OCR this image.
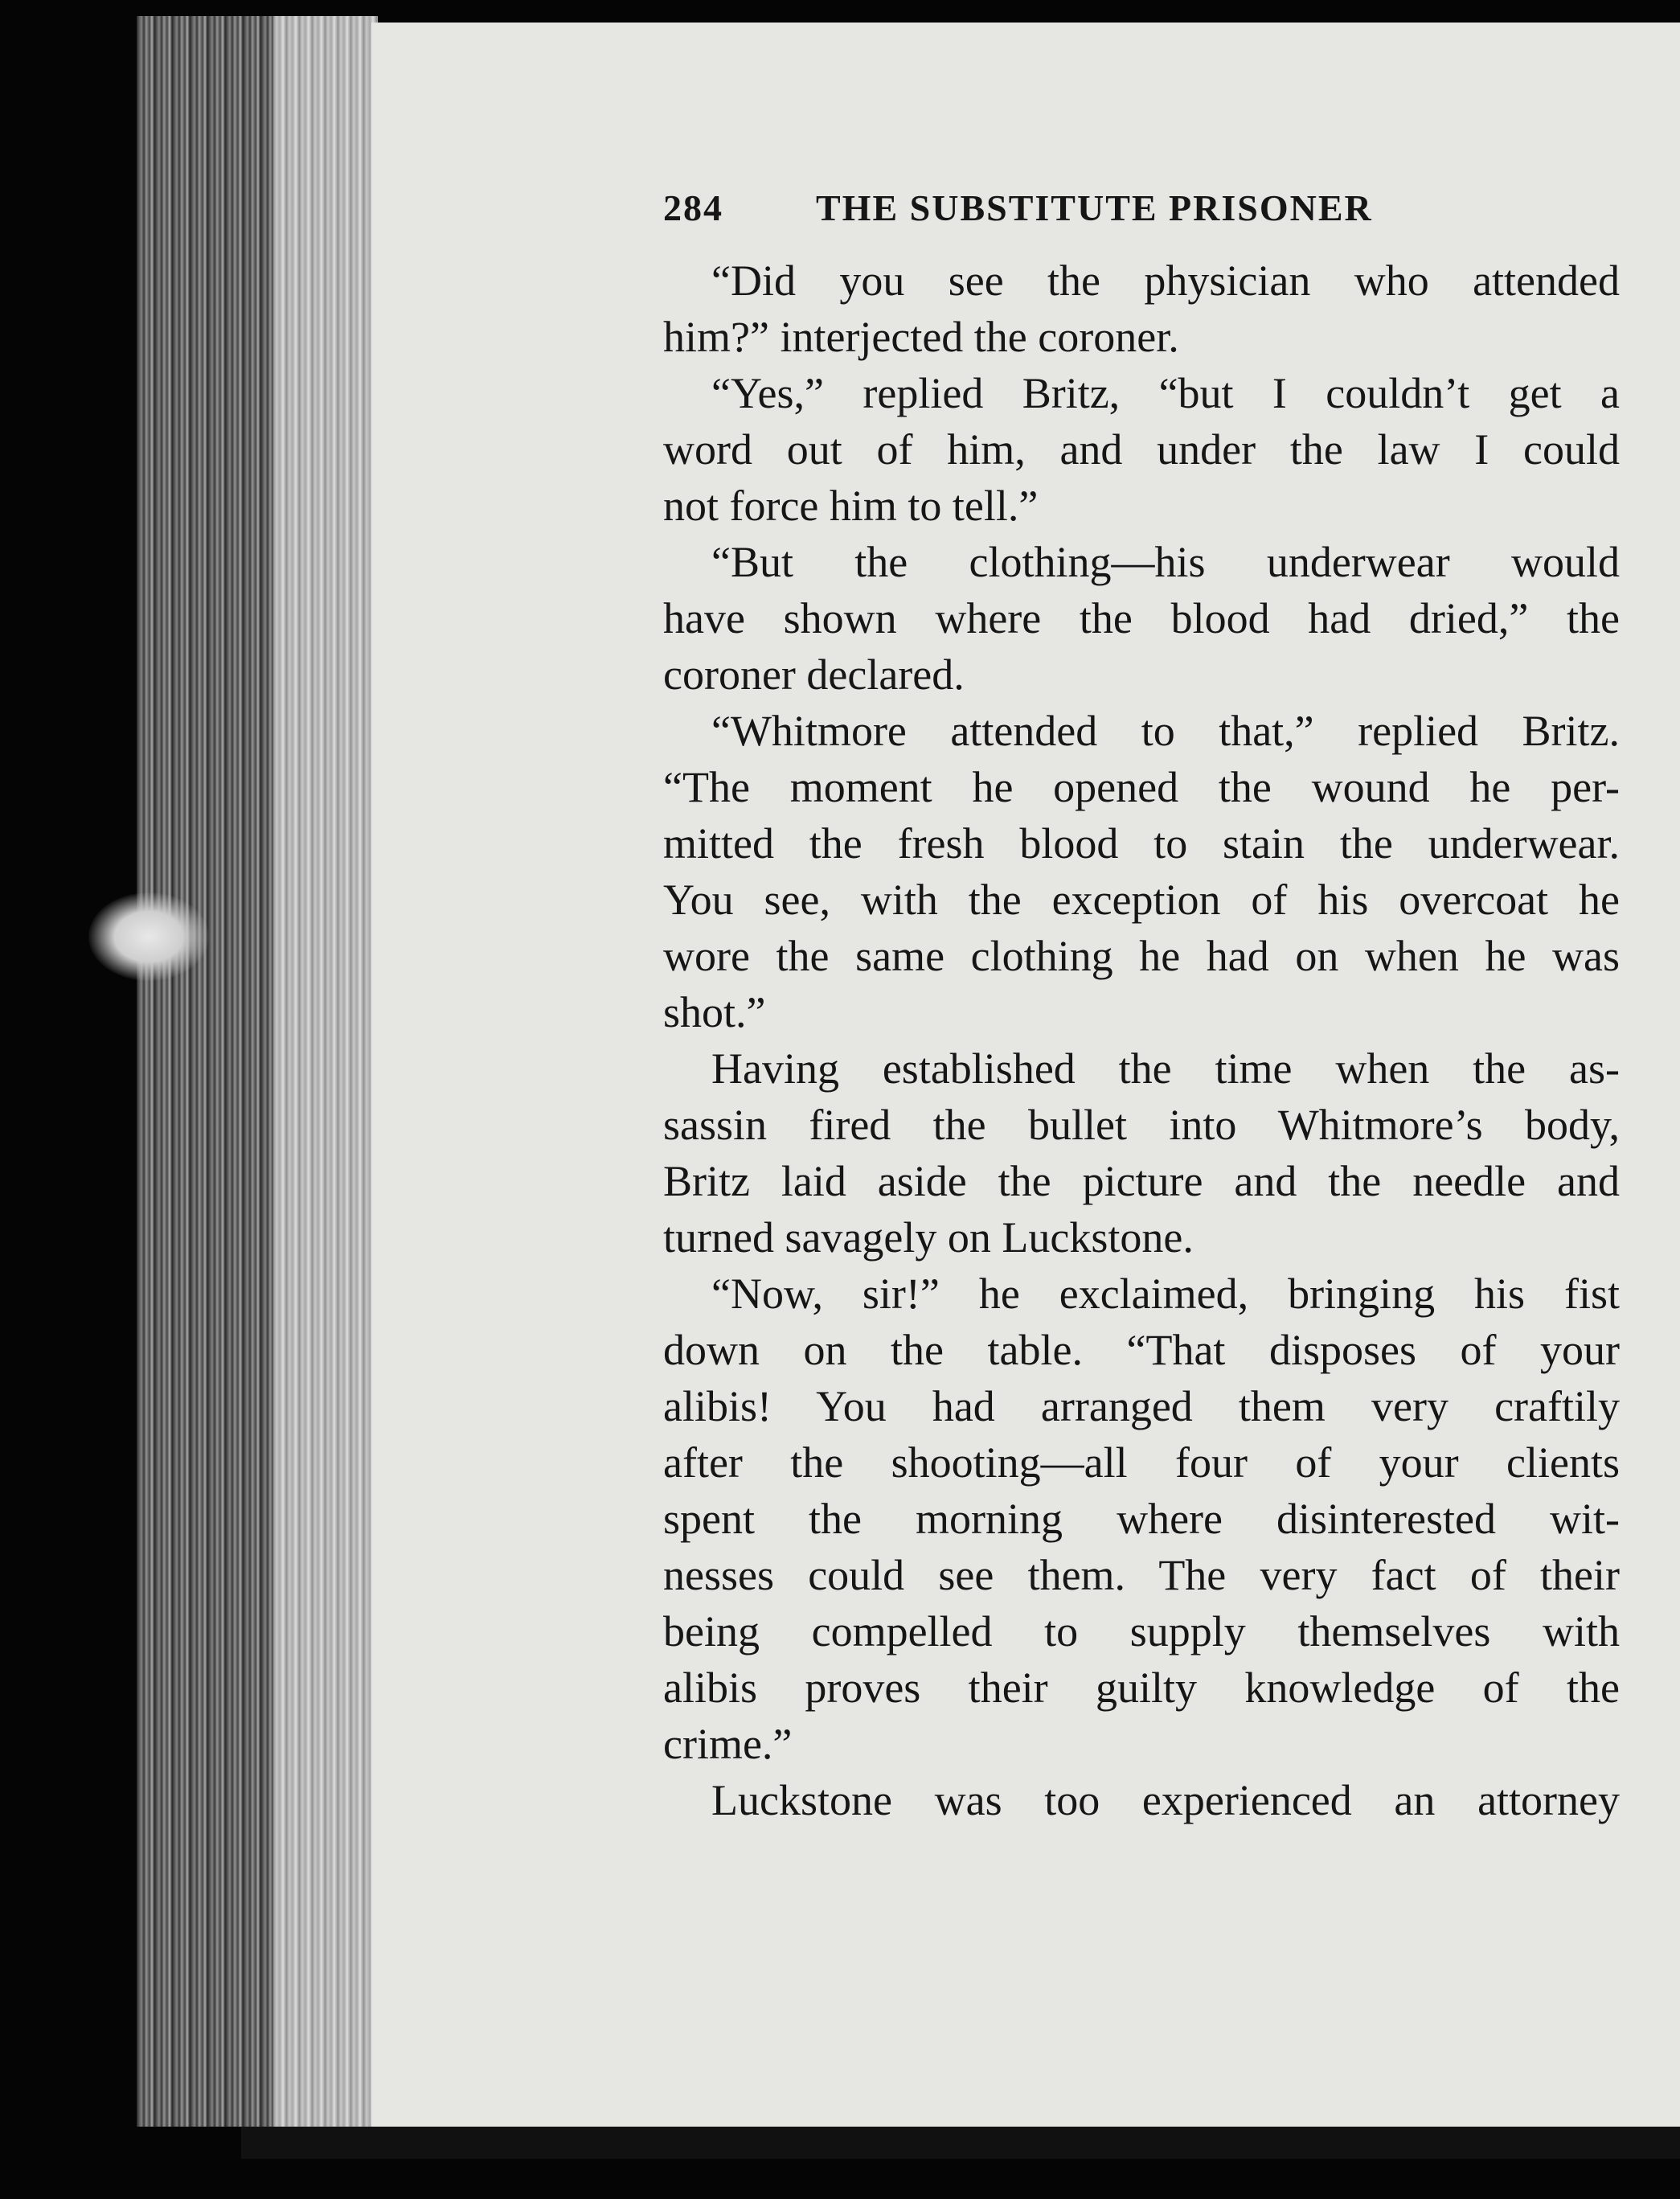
284	THE SUBSTITUTE PRISONER
“Did you see the physician who attended
him?” interjected the coroner.
“Yes,” replied Britz, “but I couldn’t get a
word out of him, and under the law I could
not force him to tell.”
“But the clothing—his underwear would
have shown where the blood had dried,” the
coroner declared.
“Whitmore attended to that,” replied Britz.
“The moment he opened the wound he per-
mitted the fresh blood to stain the underwear.
You see, with the exception of his overcoat he
wore the same clothing he had on when he was
shot.”
Having established the time when the as-
sassin fired the bullet into Whitmore’s body,
Britz laid aside the picture and the needle and
turned savagely on Luckstone.
“Now, sir!” he exclaimed, bringing his fist
down on the table. “That disposes of your
alibis! You had arranged them very craftily
after the shooting—all four of your clients
spent the morning where disinterested wit-
nesses could see them. The very fact of their
being compelled to supply themselves with
alibis proves their guilty knowledge of the
crime.”
Luckstone was too experienced an attorney
